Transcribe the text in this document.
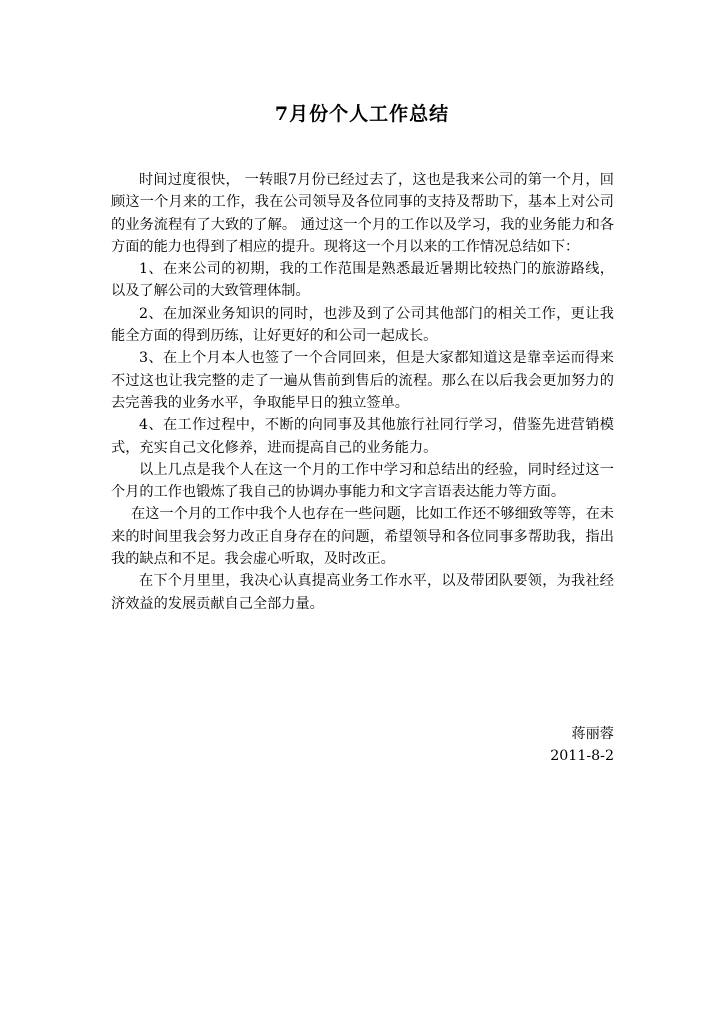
7月份个人工作总结

时间过度很快， 一转眼7月份已经过去了，这也是我来公司的第一个月，回顾这一个月来的工作，我在公司领导及各位同事的支持及帮助下，基本上对公司的业务流程有了大致的了解。 通过这一个月的工作以及学习，我的业务能力和各方面的能力也得到了相应的提升。现将这一个月以来的工作情况总结如下：

1、在来公司的初期，我的工作范围是熟悉最近暑期比较热门的旅游路线，以及了解公司的大致管理体制。

2、在加深业务知识的同时，也涉及到了公司其他部门的相关工作，更让我能全方面的得到历练，让好更好的和公司一起成长。

3、在上个月本人也签了一个合同回来，但是大家都知道这是靠幸运而得来不过这也让我完整的走了一遍从售前到售后的流程。那么在以后我会更加努力的去完善我的业务水平，争取能早日的独立签单。

4、在工作过程中，不断的向同事及其他旅行社同行学习，借鉴先进营销模式，充实自己文化修养，进而提高自己的业务能力。

以上几点是我个人在这一个月的工作中学习和总结出的经验，同时经过这一个月的工作也锻炼了我自己的协调办事能力和文字言语表达能力等方面。

在这一个月的工作中我个人也存在一些问题，比如工作还不够细致等等，在未来的时间里我会努力改正自身存在的问题，希望领导和各位同事多帮助我，指出我的缺点和不足。我会虚心听取，及时改正。

在下个月里里，我决心认真提高业务工作水平，以及带团队要领，为我社经济效益的发展贡献自己全部力量。

蒋丽蓉
2011-8-2
